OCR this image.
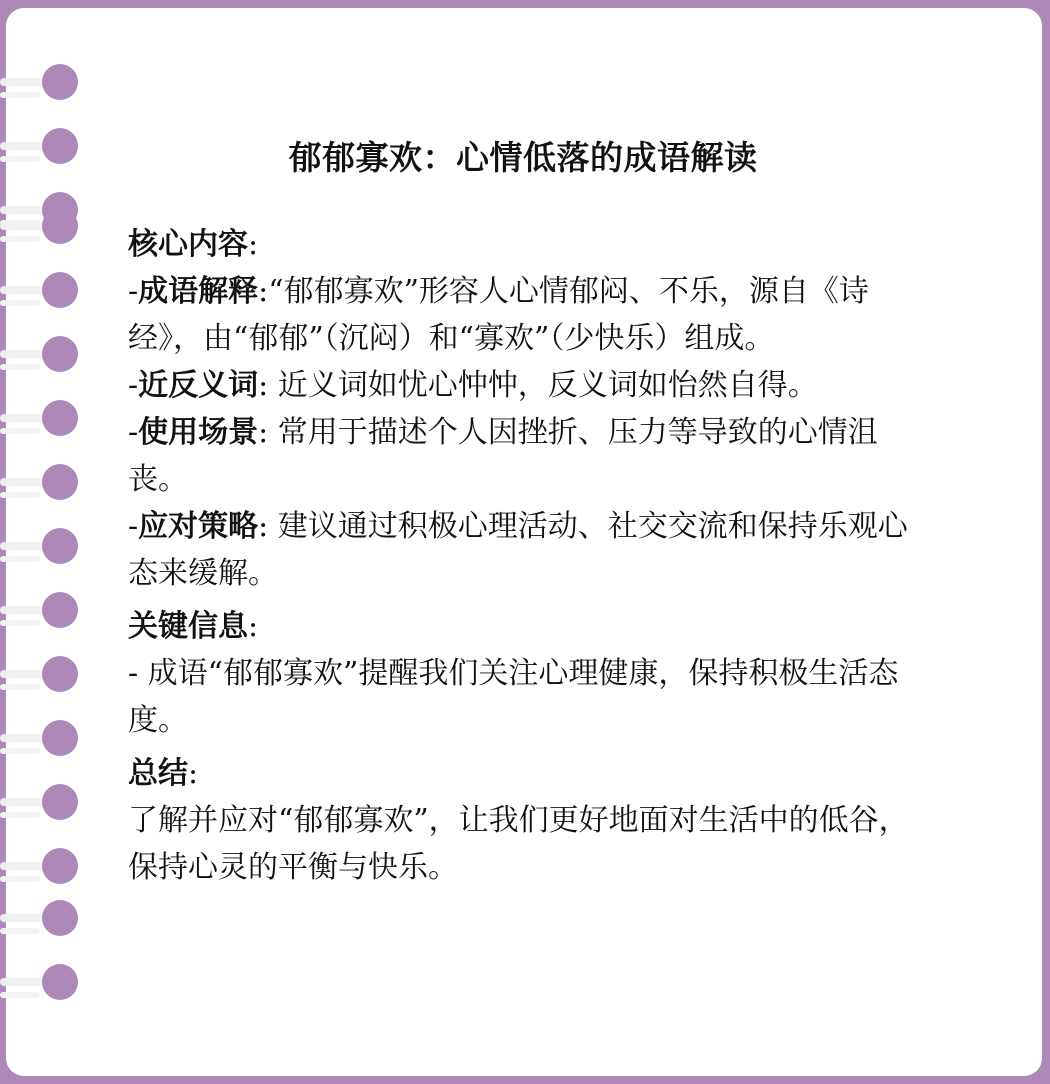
郁郁寡欢：心情低落的成语解读

核心内容:

-成语解释:“郁郁寡欢”形容人心情郁闷、不乐，源自《诗经》，由“郁郁”（沉闷）和“寡欢”（少快乐）组成。

-近反义词: 近义词如忧心忡忡，反义词如怡然自得。

-使用场景: 常用于描述个人因挫折、压力等导致的心情沮丧。

-应对策略: 建议通过积极心理活动、社交交流和保持乐观心态来缓解。

关键信息:

- 成语“郁郁寡欢”提醒我们关注心理健康，保持积极生活态度。

总结:

了解并应对“郁郁寡欢”，让我们更好地面对生活中的低谷，保持心灵的平衡与快乐。
